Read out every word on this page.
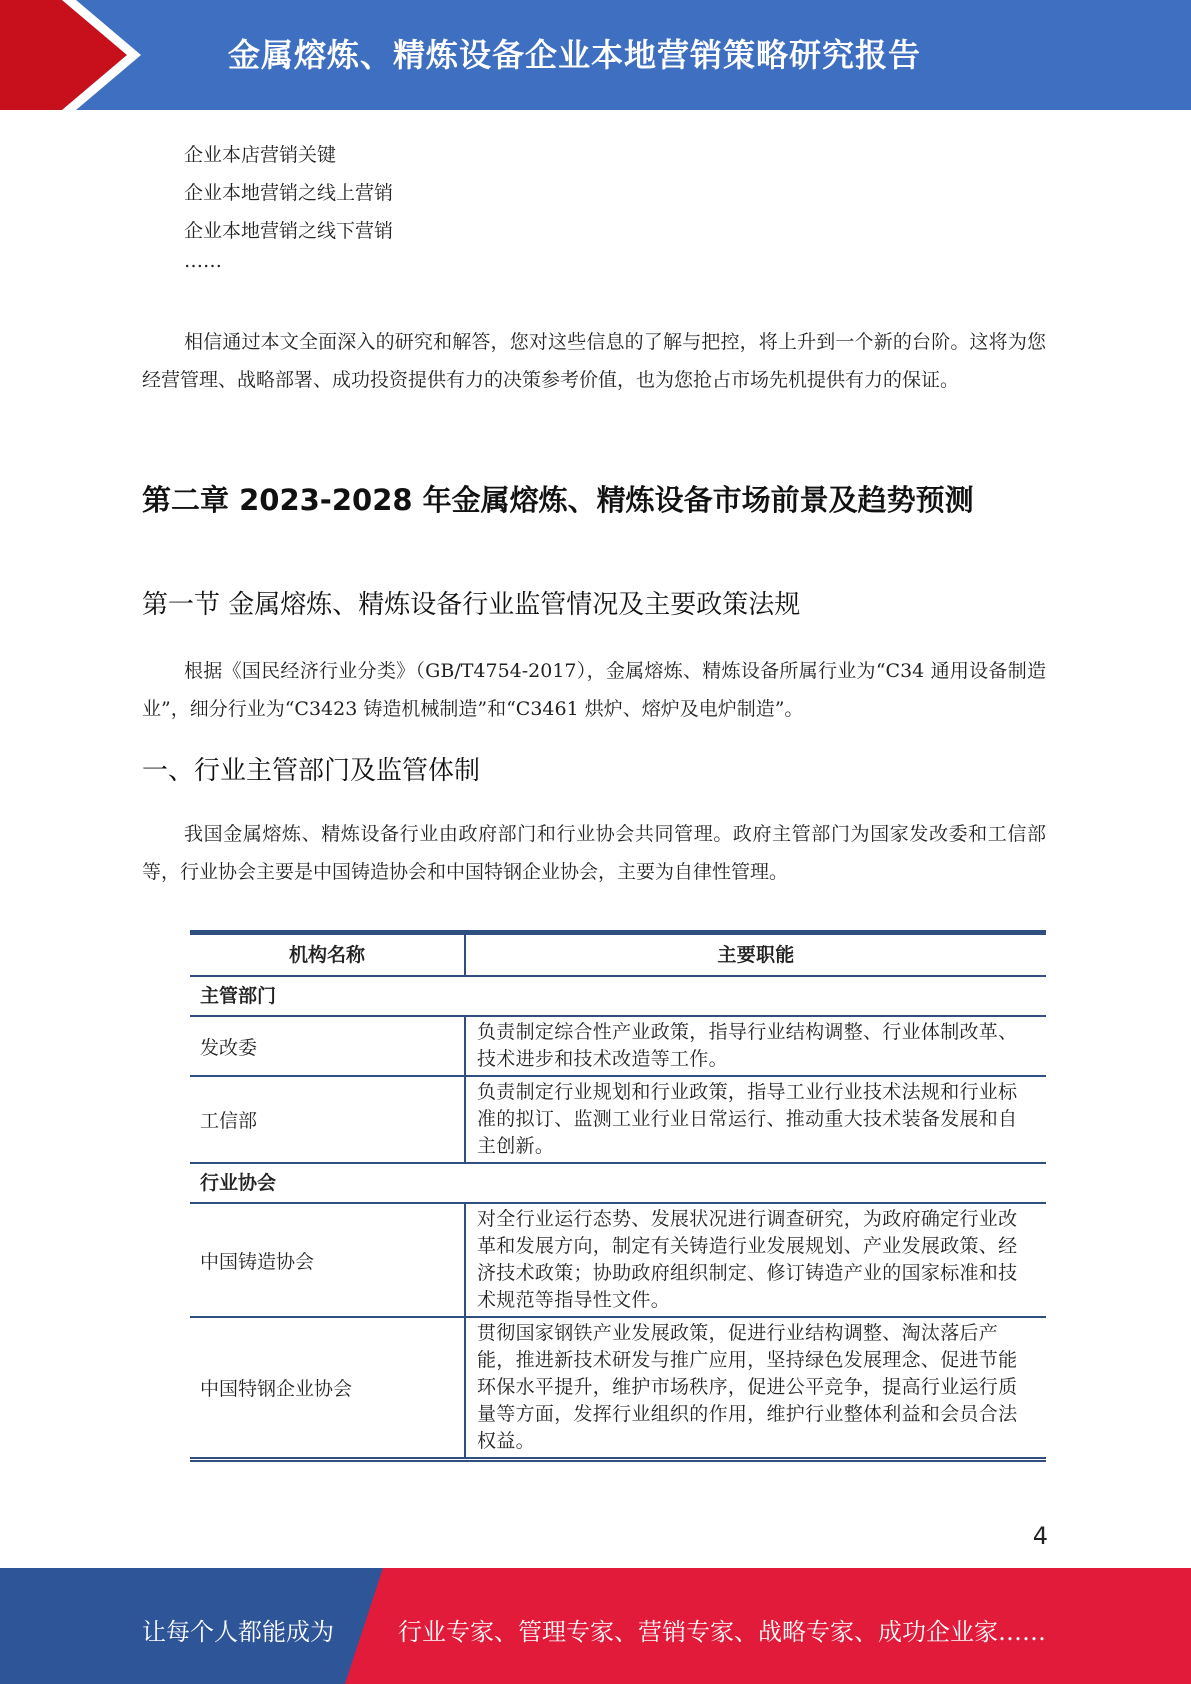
金属熔炼、精炼设备企业本地营销策略研究报告
企业本店营销关键
企业本地营销之线上营销
企业本地营销之线下营销
……
相信通过本文全面深入的研究和解答，您对这些信息的了解与把控，将上升到一个新的台阶。这将为您经营管理、战略部署、成功投资提供有力的决策参考价值，也为您抢占市场先机提供有力的保证。
第二章 2023-2028 年金属熔炼、精炼设备市场前景及趋势预测
第一节 金属熔炼、精炼设备行业监管情况及主要政策法规
根据《国民经济行业分类》（GB/T4754-2017），金属熔炼、精炼设备所属行业为“C34 通用设备制造业”，细分行业为“C3423 铸造机械制造”和“C3461 烘炉、熔炉及电炉制造”。
一、行业主管部门及监管体制
我国金属熔炼、精炼设备行业由政府部门和行业协会共同管理。政府主管部门为国家发改委和工信部等，行业协会主要是中国铸造协会和中国特钢企业协会，主要为自律性管理。
机构名称	主要职能
主管部门
发改委
负责制定综合性产业政策，指导行业结构调整、行业体制改革、技术进步和技术改造等工作。
工信部
负责制定行业规划和行业政策，指导工业行业技术法规和行业标准的拟订、监测工业行业日常运行、推动重大技术装备发展和自主创新。
行业协会
中国铸造协会
对全行业运行态势、发展状况进行调查研究，为政府确定行业改革和发展方向，制定有关铸造行业发展规划、产业发展政策、经济技术政策；协助政府组织制定、修订铸造产业的国家标准和技术规范等指导性文件。
中国特钢企业协会
贯彻国家钢铁产业发展政策，促进行业结构调整、淘汰落后产能，推进新技术研发与推广应用，坚持绿色发展理念、促进节能环保水平提升，维护市场秩序，促进公平竞争，提高行业运行质量等方面，发挥行业组织的作用，维护行业整体利益和会员合法权益。
4
让每个人都能成为	行业专家、管理专家、营销专家、战略专家、成功企业家……
